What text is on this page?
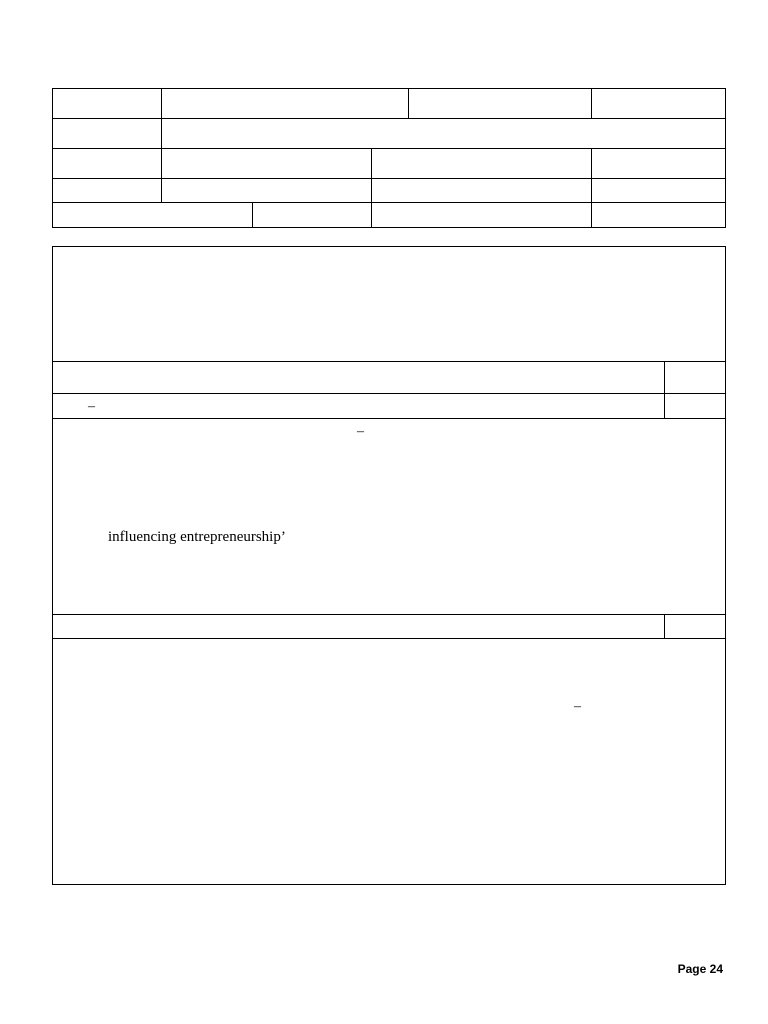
–
–
influencing entrepreneurship’
–
Page 24
